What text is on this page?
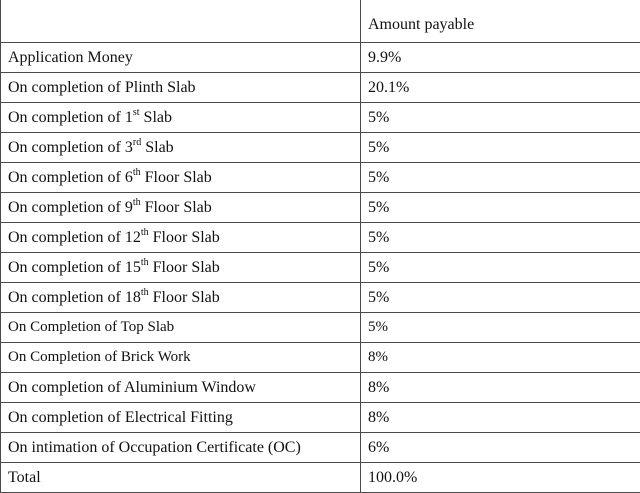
	Amount payable
Application Money	9.9%
On completion of Plinth Slab	20.1%
On completion of 1st Slab	5%
On completion of 3rd Slab	5%
On completion of 6th Floor Slab	5%
On completion of 9th Floor Slab	5%
On completion of 12th Floor Slab	5%
On completion of 15th Floor Slab	5%
On completion of 18th Floor Slab	5%
On Completion of Top Slab	5%
On Completion of Brick Work	8%
On completion of Aluminium Window	8%
On completion of Electrical Fitting	8%
On intimation of Occupation Certificate (OC)	6%
Total	100.0%
